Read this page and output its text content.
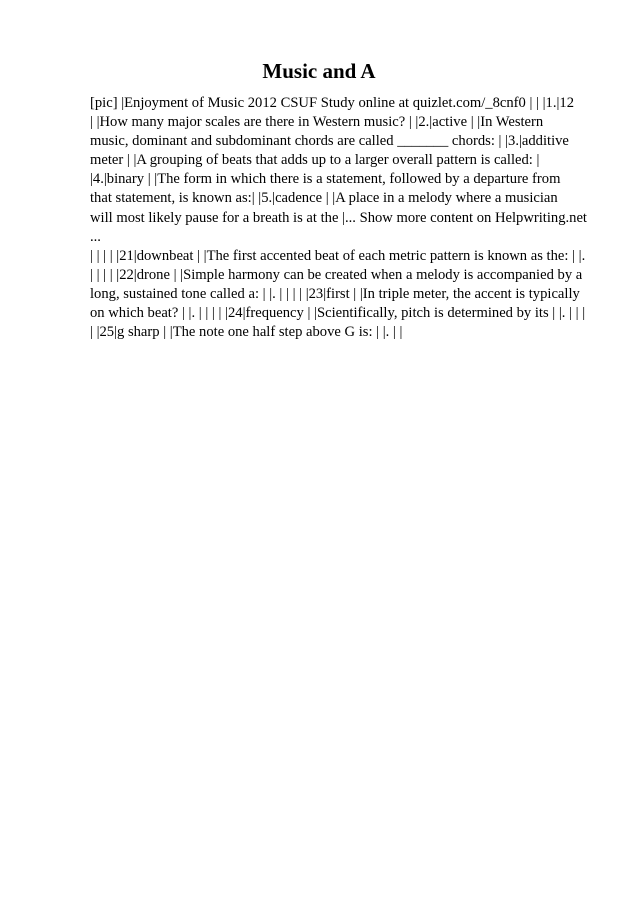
Music and A
[pic] |Enjoyment of Music 2012 CSUF Study online at quizlet.com/_8cnf0 | | |1.|12
| |How many major scales are there in Western music? | |2.|active | |In Western
music, dominant and subdominant chords are called _______ chords: | |3.|additive
meter | |A grouping of beats that adds up to a larger overall pattern is called: |
|4.|binary | |The form in which there is a statement, followed by a departure from
that statement, is known as:| |5.|cadence | |A place in a melody where a musician
will most likely pause for a breath is at the |... Show more content on Helpwriting.net
...
| | | | |21|downbeat | |The first accented beat of each metric pattern is known as the: | |.
| | | | |22|drone | |Simple harmony can be created when a melody is accompanied by a
long, sustained tone called a: | |. | | | | |23|first | |In triple meter, the accent is typically
on which beat? | |. | | | | |24|frequency | |Scientifically, pitch is determined by its | |. | | |
| |25|g sharp | |The note one half step above G is: | |. | |
